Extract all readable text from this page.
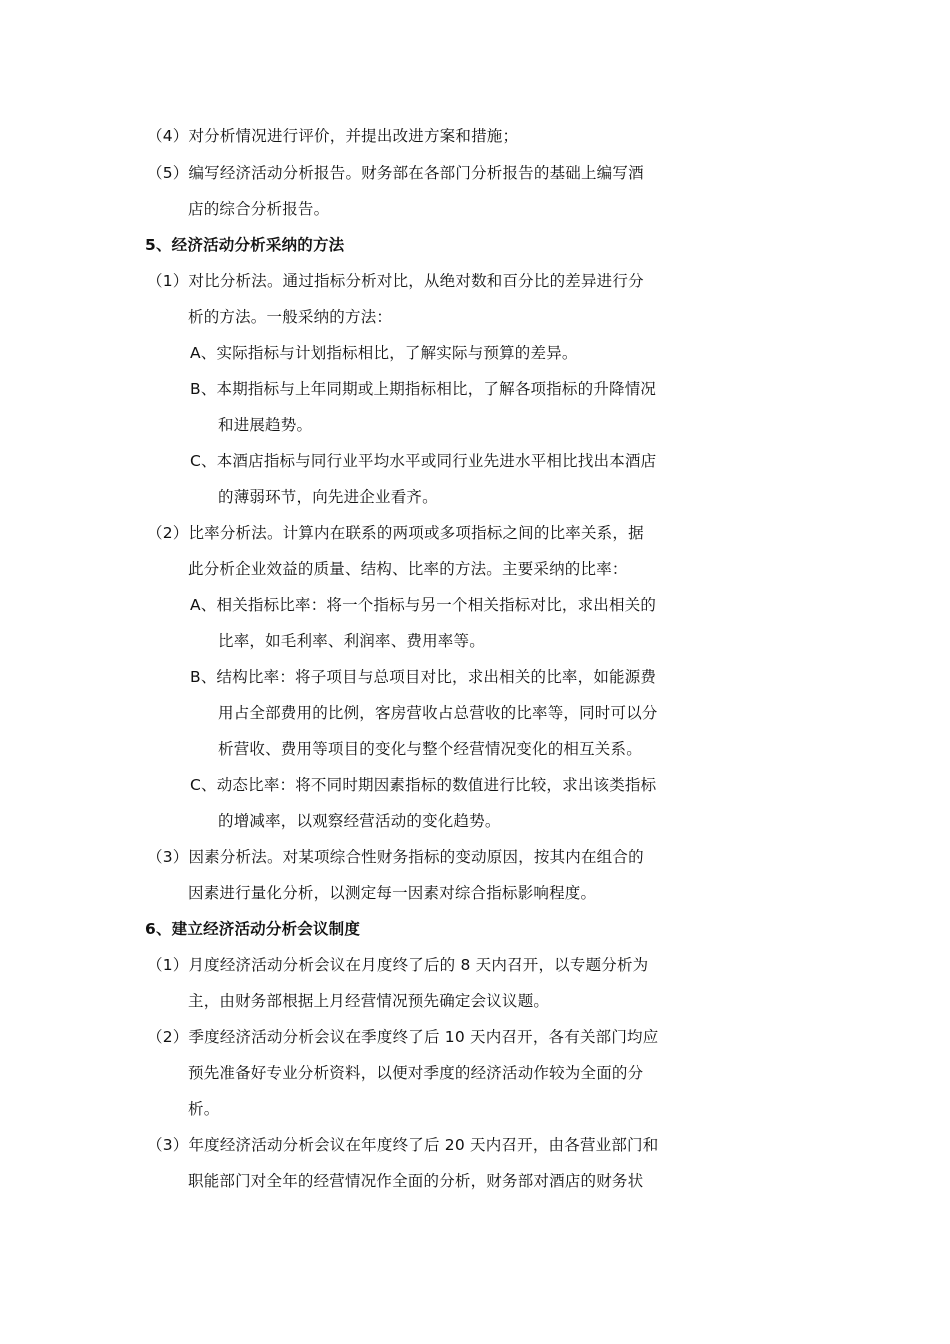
（4）对分析情况进行评价，并提出改进方案和措施；
（5）编写经济活动分析报告。财务部在各部门分析报告的基础上编写酒
店的综合分析报告。
5、经济活动分析采纳的方法
（1）对比分析法。通过指标分析对比，从绝对数和百分比的差异进行分
析的方法。一般采纳的方法：
A、实际指标与计划指标相比，了解实际与预算的差异。
B、本期指标与上年同期或上期指标相比，了解各项指标的升降情况
和进展趋势。
C、本酒店指标与同行业平均水平或同行业先进水平相比找出本酒店
的薄弱环节，向先进企业看齐。
（2）比率分析法。计算内在联系的两项或多项指标之间的比率关系，据
此分析企业效益的质量、结构、比率的方法。主要采纳的比率：
A、相关指标比率：将一个指标与另一个相关指标对比，求出相关的
比率，如毛利率、利润率、费用率等。
B、结构比率：将子项目与总项目对比，求出相关的比率，如能源费
用占全部费用的比例，客房营收占总营收的比率等，同时可以分
析营收、费用等项目的变化与整个经营情况变化的相互关系。
C、动态比率：将不同时期因素指标的数值进行比较，求出该类指标
的增减率，以观察经营活动的变化趋势。
（3）因素分析法。对某项综合性财务指标的变动原因，按其内在组合的
因素进行量化分析，以测定每一因素对综合指标影响程度。
6、建立经济活动分析会议制度
（1）月度经济活动分析会议在月度终了后的 8 天内召开，以专题分析为
主，由财务部根据上月经营情况预先确定会议议题。
（2）季度经济活动分析会议在季度终了后 10 天内召开，各有关部门均应
预先准备好专业分析资料，以便对季度的经济活动作较为全面的分
析。
（3）年度经济活动分析会议在年度终了后 20 天内召开，由各营业部门和
职能部门对全年的经营情况作全面的分析，财务部对酒店的财务状
